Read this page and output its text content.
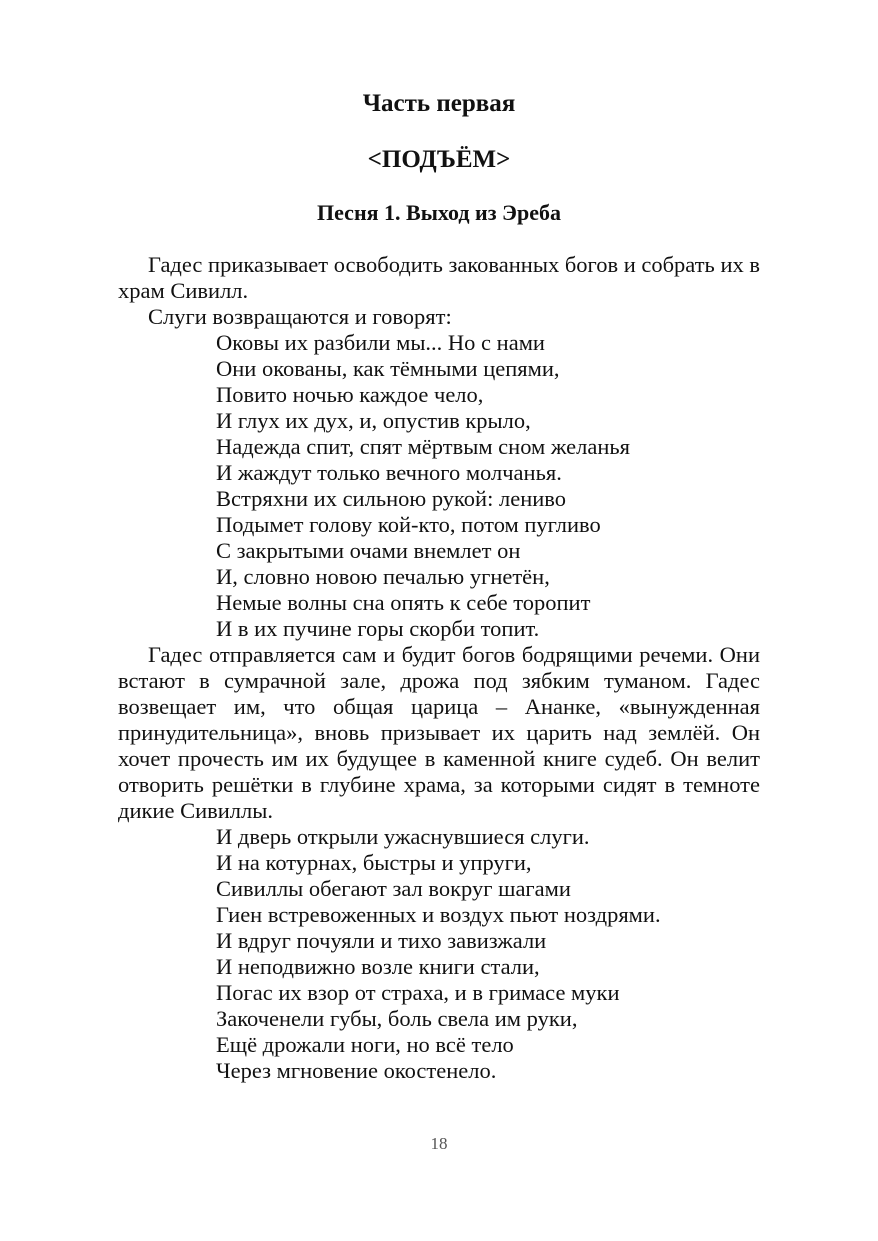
Часть первая
<ПОДЪЁМ>
Песня 1. Выход из Эреба

Гадес приказывает освободить закованных богов и собрать их в храм Сивилл.

Слуги возвращаются и говорят:

Оковы их разбили мы... Но с нами
Они окованы, как тёмными цепями,
Повито ночью каждое чело,
И глух их дух, и, опустив крыло,
Надежда спит, спят мёртвым сном желанья
И жаждут только вечного молчанья.
Встряхни их сильною рукой: лениво
Подымет голову кой-кто, потом пугливо
С закрытыми очами внемлет он
И, словно новою печалью угнетён,
Немые волны сна опять к себе торопит
И в их пучине горы скорби топит.

Гадес отправляется сам и будит богов бодрящими речеми. Они встают в сумрачной зале, дрожа под зябким туманом. Гадес возвещает им, что общая царица – Ананке, «вынужденная принудительница», вновь призывает их царить над землёй. Он хочет прочесть им их будущее в каменной книге судеб. Он велит отворить решётки в глубине храма, за которыми сидят в темноте дикие Сивиллы.

И дверь открыли ужаснувшиеся слуги.
И на котурнах, быстры и упруги,
Сивиллы обегают зал вокруг шагами
Гиен встревоженных и воздух пьют ноздрями.
И вдруг почуяли и тихо завизжали
И неподвижно возле книги стали,
Погас их взор от страха, и в гримасе муки
Закоченели губы, боль свела им руки,
Ещё дрожали ноги, но всё тело
Через мгновение окостенело.
18
